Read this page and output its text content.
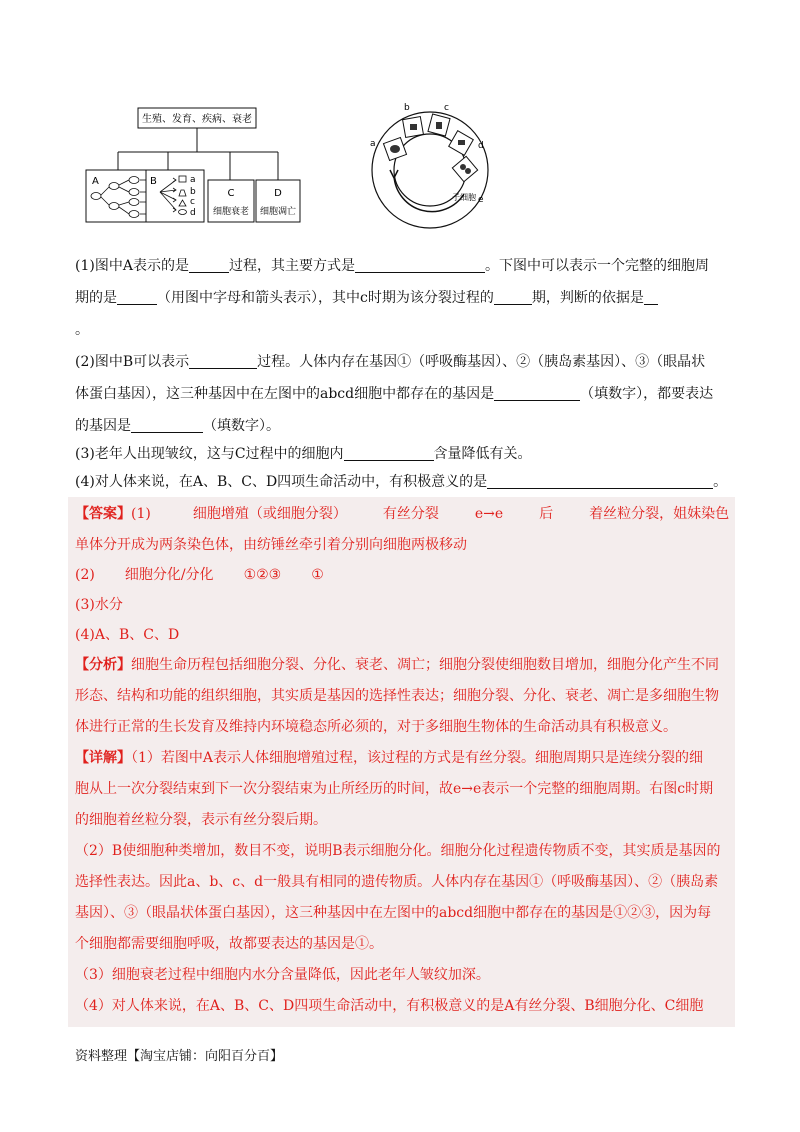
生殖、发育、疾病、衰老
A	B	a
b
c
d
C
细胞衰老
D
细胞凋亡
a
b	c
d
e
子细胞
(1)图中A表示的是	过程，其主要方式是	。下图中可以表示一个完整的细胞周
期的是	（用图中字母和箭头表示），其中c时期为该分裂过程的	期，判断的依据是
。
(2)图中B可以表示	过程。人体内存在基因①（呼吸酶基因）、②（胰岛素基因）、③（眼晶状
体蛋白基因），这三种基因中在左图中的abcd细胞中都存在的基因是	（填数字），都要表达
的基因是	（填数字）。
(3)老年人出现皱纹，这与C过程中的细胞内	含量降低有关。
(4)对人体来说，在A、B、C、D四项生命活动中，有积极意义的是	。
【答案】(1)	细胞增殖（或细胞分裂）	有丝分裂	e→e	后	着丝粒分裂，姐妹染色
单体分开成为两条染色体，由纺锤丝牵引着分别向细胞两极移动
(2) 细胞分化/分化 ①②③ ①
(3)水分
(4)A、B、C、D
【分析】细胞生命历程包括细胞分裂、分化、衰老、凋亡；细胞分裂使细胞数目增加，细胞分化产生不同
形态、结构和功能的组织细胞，其实质是基因的选择性表达；细胞分裂、分化、衰老、凋亡是多细胞生物
体进行正常的生长发育及维持内环境稳态所必须的，对于多细胞生物体的生命活动具有积极意义。
【详解】（1）若图中A表示人体细胞增殖过程，该过程的方式是有丝分裂。细胞周期只是连续分裂的细
胞从上一次分裂结束到下一次分裂结束为止所经历的时间，故e→e表示一个完整的细胞周期。右图c时期
的细胞着丝粒分裂，表示有丝分裂后期。
（2）B使细胞种类增加，数目不变，说明B表示细胞分化。细胞分化过程遗传物质不变，其实质是基因的
选择性表达。因此a、b、c、d一般具有相同的遗传物质。人体内存在基因①（呼吸酶基因）、②（胰岛素
基因）、③（眼晶状体蛋白基因），这三种基因中在左图中的abcd细胞中都存在的基因是①②③，因为每
个细胞都需要细胞呼吸，故都要表达的基因是①。
（3）细胞衰老过程中细胞内水分含量降低，因此老年人皱纹加深。
（4）对人体来说，在A、B、C、D四项生命活动中，有积极意义的是A有丝分裂、B细胞分化、C细胞
资料整理【淘宝店铺：向阳百分百】
